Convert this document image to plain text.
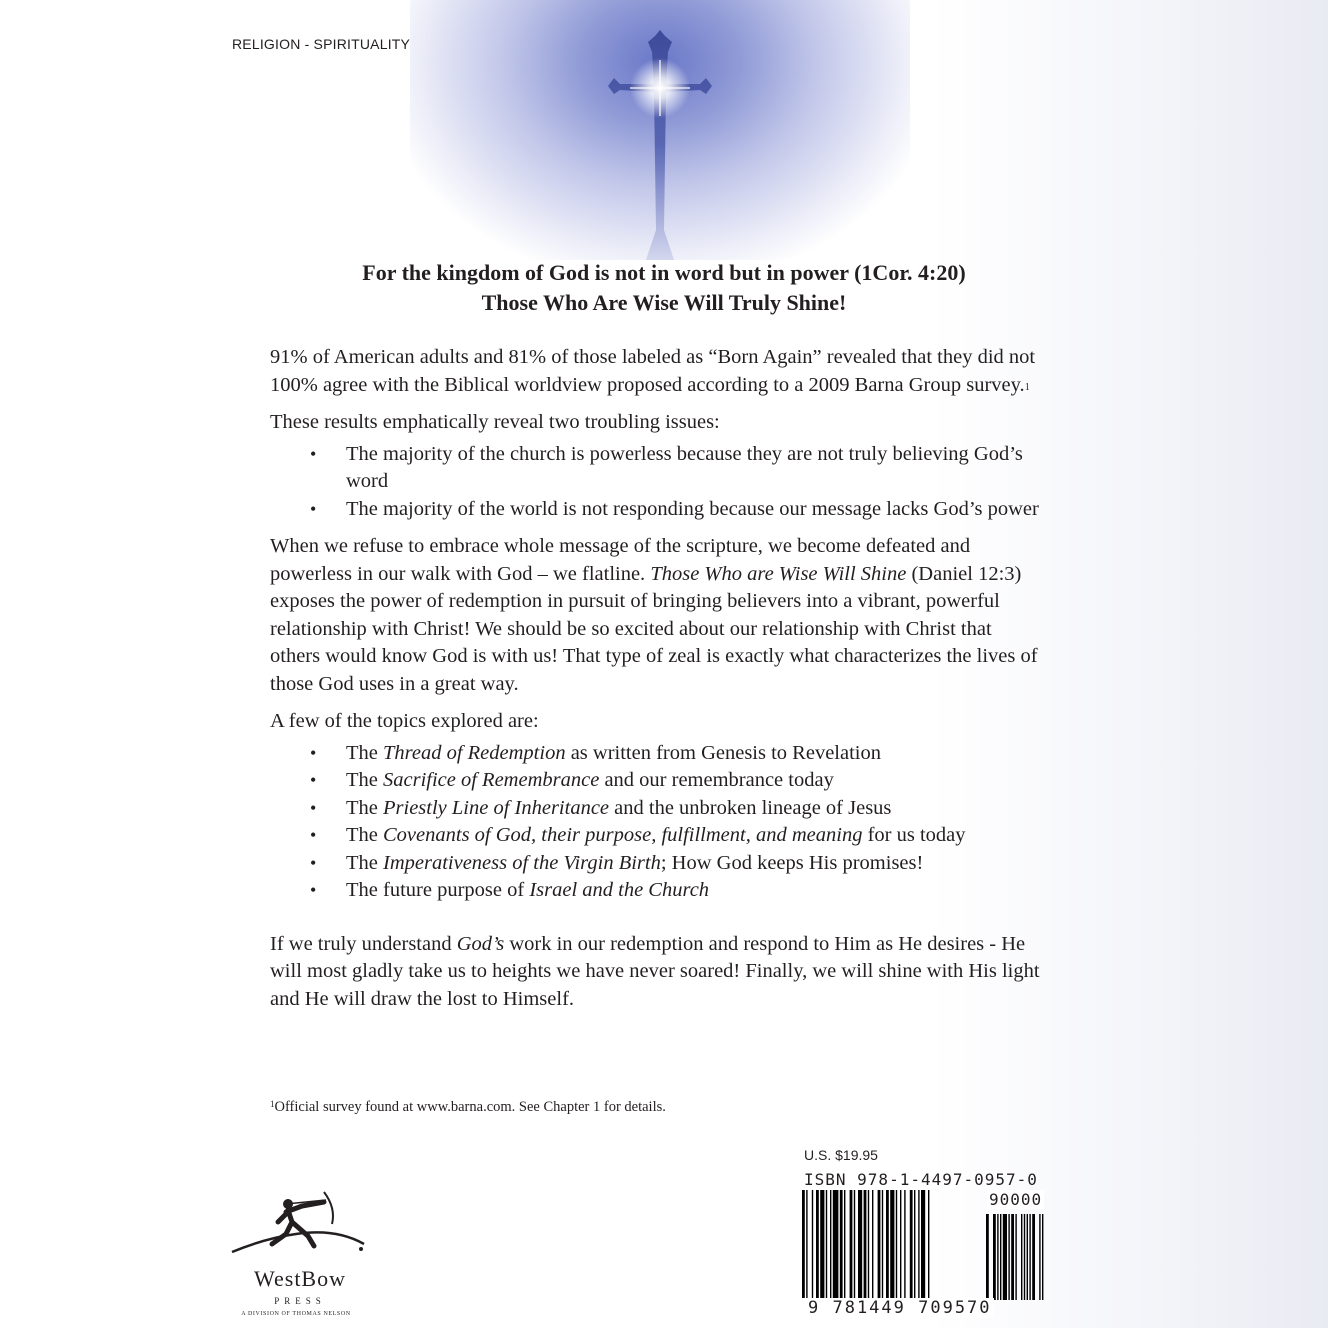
RELIGION - SPIRITUALITY
For the kingdom of God is not in word but in power (1Cor. 4:20)
Those Who Are Wise Will Truly Shine!

91% of American adults and 81% of those labeled as “Born Again” revealed that they did not 100% agree with the Biblical worldview proposed according to a 2009 Barna Group survey.$^1$

These results emphatically reveal two troubling issues:

• The majority of the church is powerless because they are not truly believing God’s word
• The majority of the world is not responding because our message lacks God’s power

When we refuse to embrace whole message of the scripture, we become defeated and powerless in our walk with God – we flatline. Those Who are Wise Will Shine (Daniel 12:3) exposes the power of redemption in pursuit of bringing believers into a vibrant, powerful relationship with Christ! We should be so excited about our relationship with Christ that others would know God is with us! That type of zeal is exactly what characterizes the lives of those God uses in a great way.

A few of the topics explored are:

• The Thread of Redemption as written from Genesis to Revelation
• The Sacrifice of Remembrance and our remembrance today
• The Priestly Line of Inheritance and the unbroken lineage of Jesus
• The Covenants of God, their purpose, fulfillment, and meaning for us today
• The Imperativeness of the Virgin Birth; How God keeps His promises!
• The future purpose of Israel and the Church

If we truly understand God’s work in our redemption and respond to Him as He desires - He will most gladly take us to heights we have never soared! Finally, we will shine with His light and He will draw the lost to Himself.

$^1$Official survey found at www.barna.com. See Chapter 1 for details.
WestBow
PRESS
A DIVISION OF THOMAS NELSON
U.S. $19.95
ISBN 978-1-4497-0957-0
90000
9 781449 709570
